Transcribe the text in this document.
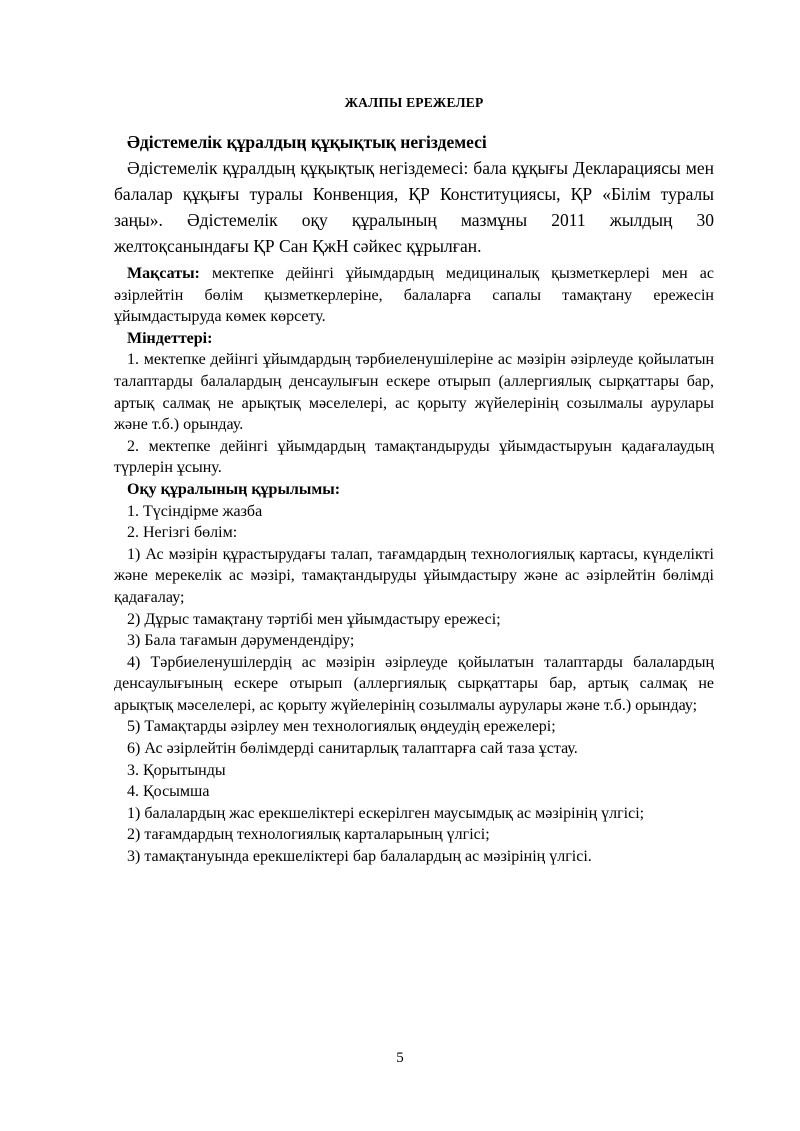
ЖАЛПЫ ЕРЕЖЕЛЕР

Әдістемелік құралдың құқықтық негіздемесі

Әдістемелік құралдың құқықтық негіздемесі: бала құқығы Декларациясы мен балалар құқығы туралы Конвенция, ҚР Конституциясы, ҚР «Білім туралы заңы». Әдістемелік оқу құралының мазмұны 2011 жылдың 30 желтоқсанындағы ҚР Сан ҚжН сәйкес құрылған.

Мақсаты: мектепке дейінгі ұйымдардың медициналық қызметкерлері мен ас әзірлейтін бөлім қызметкерлеріне, балаларға сапалы тамақтану ережесін ұйымдастыруда көмек көрсету.

Міндеттері:

1. мектепке дейінгі ұйымдардың тәрбиеленушілеріне ас мәзірін әзірлеуде қойылатын талаптарды балалардың денсаулығын ескере отырып (аллергиялық сырқаттары бар, артық салмақ не арықтық мәселелері, ас қорыту жүйелерінің созылмалы аурулары және т.б.) орындау.

2. мектепке дейінгі ұйымдардың тамақтандыруды ұйымдастыруын қадағалаудың түрлерін ұсыну.

Оқу құралының құрылымы:

1. Түсіндірме жазба

2. Негізгі бөлім:

1) Ас мәзірін құрастырудағы талап, тағамдардың технологиялық картасы, күнделікті және мерекелік ас мәзірі, тамақтандыруды ұйымдастыру және ас әзірлейтін бөлімді қадағалау;

2) Дұрыс тамақтану тәртібі мен ұйымдастыру ережесі;

3) Бала тағамын дәрумендендіру;

4) Тәрбиеленушілердің ас мәзірін әзірлеуде қойылатын талаптарды балалардың денсаулығының ескере отырып (аллергиялық сырқаттары бар, артық салмақ не арықтық мәселелері, ас қорыту жүйелерінің созылмалы аурулары және т.б.) орындау;

5) Тамақтарды әзірлеу мен технологиялық өңдеудің ережелері;

6) Ас әзірлейтін бөлімдерді санитарлық талаптарға сай таза ұстау.

3. Қорытынды

4. Қосымша

1) балалардың жас ерекшеліктері ескерілген маусымдық ас мәзірінің үлгісі;

2) тағамдардың технологиялық карталарының үлгісі;

3) тамақтануында ерекшеліктері бар балалардың ас мәзірінің үлгісі.

5
